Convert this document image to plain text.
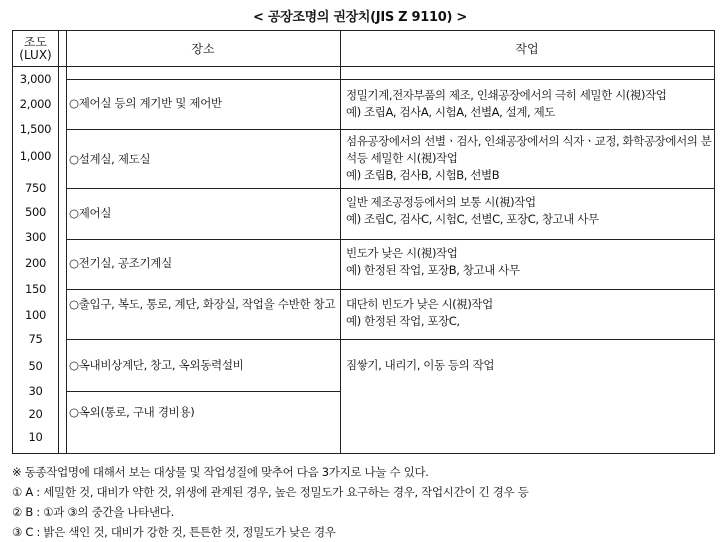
< 공장조명의 권장치(JIS Z 9110) >
조도
(LUX)	장소	작업
3,000
2,000
1,500
1,000
750
500
300
200
150
100
75
50
30
20
10
○제어실 등의 계기반 및 제어반
○설계실, 제도실
○제어실
○전기실, 공조기계실
○출입구, 복도, 통로, 계단, 화장실, 작업을 수반한 창고
○옥내비상계단, 창고, 옥외동력설비
○옥외(통로, 구내 경비용)
정밀기계,전자부품의 제조, 인쇄공장에서의 극히 세밀한 시(視)작업
예) 조립A, 검사A, 시험A, 선별A, 설계, 제도
섬유공장에서의 선별ㆍ검사, 인쇄공장에서의 식자ㆍ교정, 화학공장에서의 분석등 세밀한 시(視)작업
예) 조립B, 검사B, 시험B, 선별B
일반 제조공정등에서의 보통 시(視)작업
예) 조립C, 검사C, 시험C, 선별C, 포장C, 창고내 사무
빈도가 낮은 시(視)작업
예) 한정된 작업, 포장B, 창고내 사무
대단히 빈도가 낮은 시(視)작업
예) 한정된 작업, 포장C,
짐쌓기, 내리기, 이동 등의 작업
※ 동종작업명에 대해서 보는 대상물 및 작업성질에 맞추어 다음 3가지로 나눌 수 있다.
① A : 세밀한 것, 대비가 약한 것, 위생에 관계된 경우, 높은 정밀도가 요구하는 경우, 작업시간이 긴 경우 등
② B : ①과 ③의 중간을 나타낸다.
③ C : 밝은 색인 것, 대비가 강한 것, 튼튼한 것, 정밀도가 낮은 경우
